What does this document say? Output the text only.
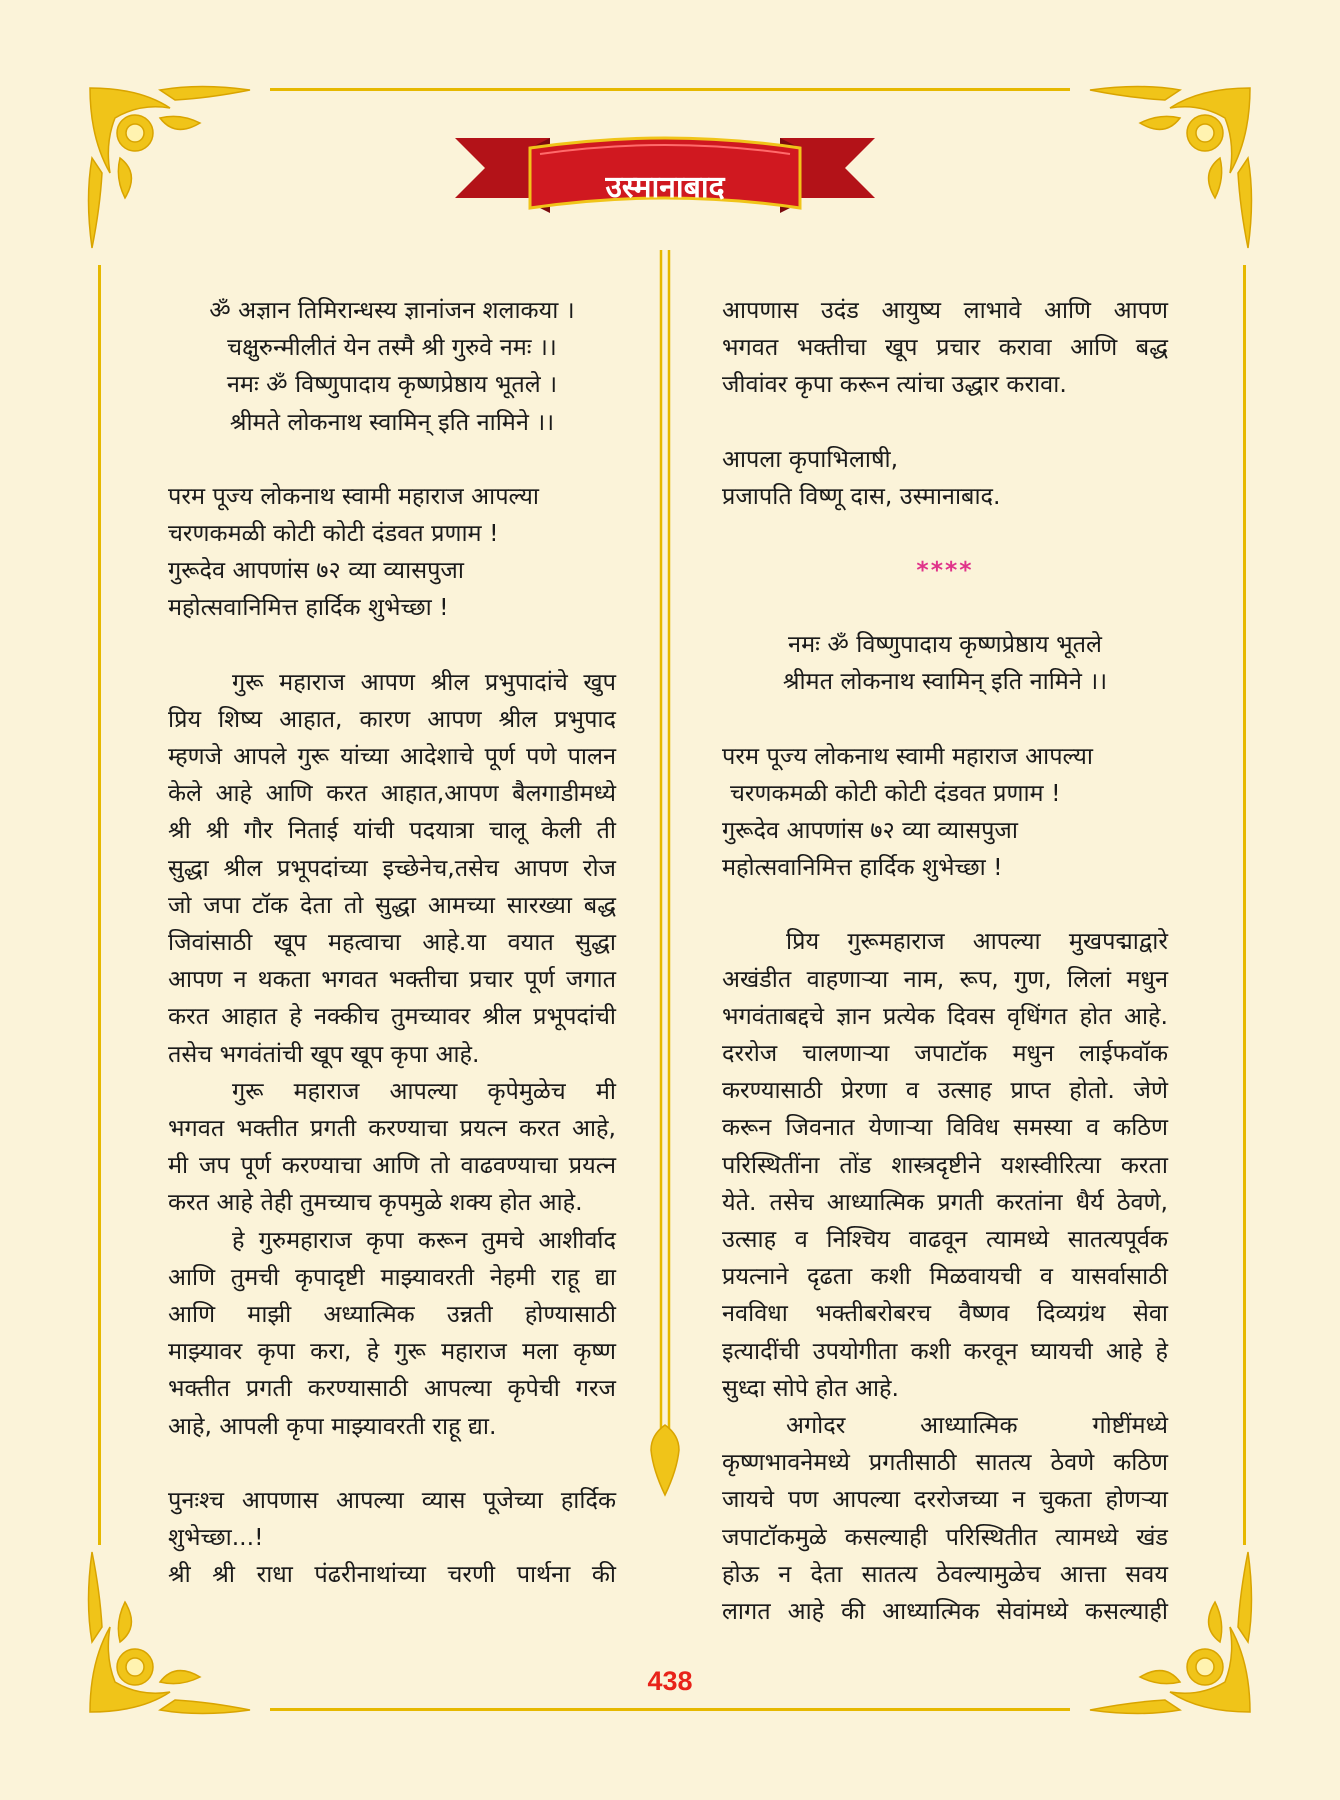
उस्मानाबाद

ॐ अज्ञान तिमिरान्धस्य ज्ञानांजन शलाकया ।

चक्षुरुन्मीलीतं येन तस्मै श्री गुरुवे नमः ।।

नमः ॐ विष्णुपादाय कृष्णप्रेष्ठाय भूतले ।

श्रीमते लोकनाथ स्वामिन् इति नामिने ।।

परम पूज्य लोकनाथ स्वामी महाराज आपल्या

चरणकमळी कोटी कोटी दंडवत प्रणाम !

गुरूदेव आपणांस ७२ व्या व्यासपुजा

महोत्सवानिमित्त हार्दिक शुभेच्छा !

गुरू महाराज आपण श्रील प्रभुपादांचे खुप

प्रिय शिष्य आहात, कारण आपण श्रील प्रभुपाद

म्हणजे आपले गुरू यांच्या आदेशाचे पूर्ण पणे पालन

केले आहे आणि करत आहात,आपण बैलगाडीमध्ये

श्री श्री गौर निताई यांची पदयात्रा चालू केली ती

सुद्धा श्रील प्रभूपदांच्या इच्छेनेच,तसेच आपण रोज

जो जपा टॉक देता तो सुद्धा आमच्या सारख्या बद्ध

जिवांसाठी खूप महत्वाचा आहे.या वयात सुद्धा

आपण न थकता भगवत भक्तीचा प्रचार पूर्ण जगात

करत आहात हे नक्कीच तुमच्यावर श्रील प्रभूपदांची

तसेच भगवंतांची खूप खूप कृपा आहे.

गुरू महाराज आपल्या कृपेमुळेच मी

भगवत भक्तीत प्रगती करण्याचा प्रयत्न करत आहे,

मी जप पूर्ण करण्याचा आणि तो वाढवण्याचा प्रयत्न

करत आहे तेही तुमच्याच कृपमुळे शक्य होत आहे.

हे गुरुमहाराज कृपा करून तुमचे आशीर्वाद

आणि तुमची कृपादृष्टी माझ्यावरती नेहमी राहू द्या

आणि माझी अध्यात्मिक उन्नती होण्यासाठी

माझ्यावर कृपा करा, हे गुरू महाराज मला कृष्ण

भक्तीत प्रगती करण्यासाठी आपल्या कृपेची गरज

आहे, आपली कृपा माझ्यावरती राहू द्या.

पुनःश्च आपणास आपल्या व्यास पूजेच्या हार्दिक

शुभेच्छा...!

श्री श्री राधा पंढरीनाथांच्या चरणी पार्थना की

आपणास उदंड आयुष्य लाभावे आणि आपण

भगवत भक्तीचा खूप प्रचार करावा आणि बद्ध

जीवांवर कृपा करून त्यांचा उद्धार करावा.

आपला कृपाभिलाषी,

प्रजापति विष्णू दास, उस्मानाबाद.

****

नमः ॐ विष्णुपादाय कृष्णप्रेष्ठाय भूतले

श्रीमत लोकनाथ स्वामिन् इति नामिने ।।

परम पूज्य लोकनाथ स्वामी महाराज आपल्या

चरणकमळी कोटी कोटी दंडवत प्रणाम !

गुरूदेव आपणांस ७२ व्या व्यासपुजा

महोत्सवानिमित्त हार्दिक शुभेच्छा !

प्रिय गुरूमहाराज आपल्या मुखपद्माद्वारे

अखंडीत वाहणाऱ्या नाम, रूप, गुण, लिलां मधुन

भगवंताबद्दचे ज्ञान प्रत्येक दिवस वृधिंगत होत आहे.

दररोज चालणाऱ्या जपाटॉक मधुन लाईफवॉक

करण्यासाठी प्रेरणा व उत्साह प्राप्त होतो. जेणे

करून जिवनात येणाऱ्या विविध समस्या व कठिण

परिस्थितींना तोंड शास्त्रदृष्टीने यशस्वीरित्या करता

येते. तसेच आध्यात्मिक प्रगती करतांना धैर्य ठेवणे,

उत्साह व निश्चिय वाढवून त्यामध्ये सातत्यपूर्वक

प्रयत्नाने दृढता कशी मिळवायची व यासर्वासाठी

नवविधा भक्तीबरोबरच वैष्णव दिव्यग्रंथ सेवा

इत्यादींची उपयोगीता कशी करवून घ्यायची आहे हे

सुध्दा सोपे होत आहे.

अगोदर आध्यात्मिक गोष्टींमध्ये

कृष्णभावनेमध्ये प्रगतीसाठी सातत्य ठेवणे कठिण

जायचे पण आपल्या दररोजच्या न चुकता होणऱ्या

जपाटॉकमुळे कसल्याही परिस्थितीत त्यामध्ये खंड

होऊ न देता सातत्य ठेवल्यामुळेच आत्ता सवय

लागत आहे की आध्यात्मिक सेवांमध्ये कसल्याही

438
